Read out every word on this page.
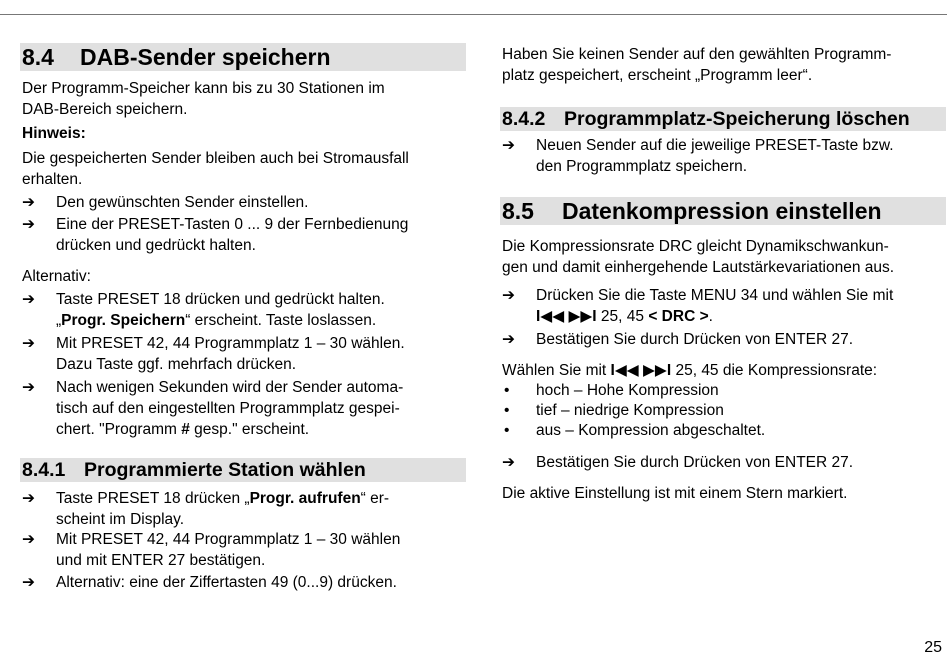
8.4 DAB-Sender speichern

Der Programm-Speicher kann bis zu 30 Stationen im
DAB-Bereich speichern.

Hinweis:

Die gespeicherten Sender bleiben auch bei Stromausfall
erhalten.

➔	Den gewünschten Sender einstellen.
➔	Eine der PRESET-Tasten 0 ... 9 der Fernbedienung
drücken und gedrückt halten.

Alternativ:

➔	Taste PRESET 18 drücken und gedrückt halten.
„Progr. Speichern“ erscheint. Taste loslassen.
➔	Mit PRESET 42, 44 Programmplatz 1 – 30 wählen.
Dazu Taste ggf. mehrfach drücken.
➔	Nach wenigen Sekunden wird der Sender automa-
tisch auf den eingestellten Programmplatz gespei-
chert. "Programm # gesp." erscheint.
8.4.1 Programmierte Station wählen
➔	Taste PRESET 18 drücken „Progr. aufrufen“ er-
scheint im Display.
➔	Mit PRESET 42, 44 Programmplatz 1 – 30 wählen
und mit ENTER 27 bestätigen.
➔	Alternativ: eine der Ziffertasten 49 (0...9) drücken.

Haben Sie keinen Sender auf den gewählten Programm-
platz gespeichert, erscheint „Programm leer“.

8.4.2 Programmplatz-Speicherung löschen
➔	Neuen Sender auf die jeweilige PRESET-Taste bzw.
den Programmplatz speichern.
8.5 Datenkompression einstellen

Die Kompressionsrate DRC gleicht Dynamikschwankun-
gen und damit einhergehende Lautstärkevariationen aus.

➔	Drücken Sie die Taste MENU 34 und wählen Sie mit
I◀◀ ▶▶I 25, 45 < DRC >.
➔	Bestätigen Sie durch Drücken von ENTER 27.

Wählen Sie mit I◀◀ ▶▶I 25, 45 die Kompressionsrate:

•	hoch – Hohe Kompression
•	tief – niedrige Kompression
•	aus – Kompression abgeschaltet.
➔	Bestätigen Sie durch Drücken von ENTER 27.

Die aktive Einstellung ist mit einem Stern markiert.

25
